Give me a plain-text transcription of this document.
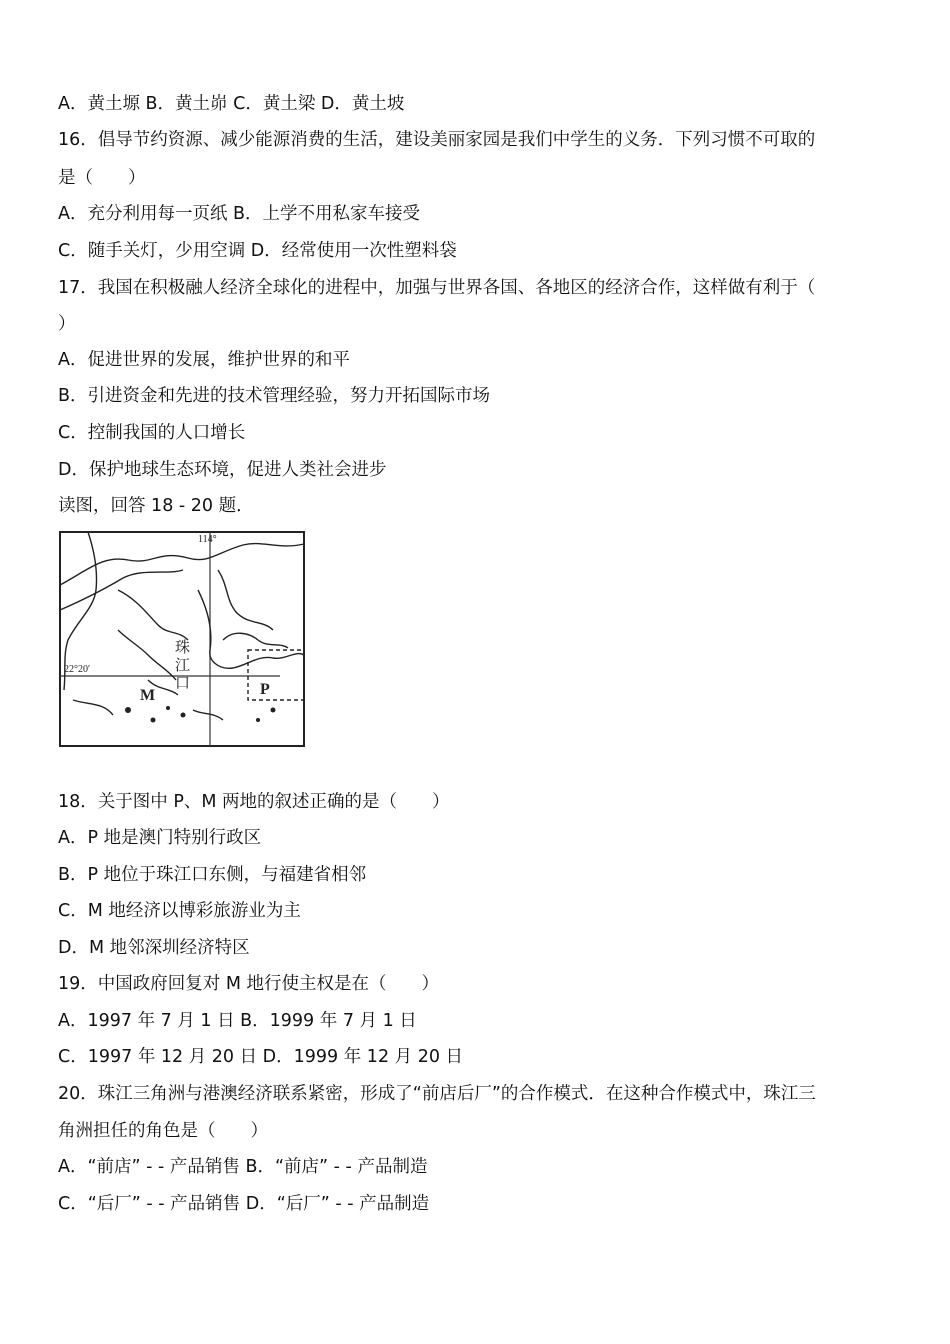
A．黄土塬 B．黄土峁 C．黄土梁 D．黄土坡
16．倡导节约资源、减少能源消费的生活，建设美丽家园是我们中学生的义务．下列习惯不可取的
是（　　）
A．充分利用每一页纸 B．上学不用私家车接受
C．随手关灯，少用空调 D．经常使用一次性塑料袋
17．我国在积极融人经济全球化的进程中，加强与世界各国、各地区的经济合作，这样做有利于（
）
A．促进世界的发展，维护世界的和平
B．引进资金和先进的技术管理经验，努力开拓国际市场
C．控制我国的人口增长
D．保护地球生态环境，促进人类社会进步
读图，回答 18 - 20 题．
114°
22°20′
珠
江
口
M	P
18．关于图中 P、M 两地的叙述正确的是（　　）
A．P 地是澳门特别行政区
B．P 地位于珠江口东侧，与福建省相邻
C．M 地经济以博彩旅游业为主
D．M 地邻深圳经济特区
19．中国政府回复对 M 地行使主权是在（　　）
A．1997 年 7 月 1 日 B．1999 年 7 月 1 日
C．1997 年 12 月 20 日 D．1999 年 12 月 20 日
20．珠江三角洲与港澳经济联系紧密，形成了“前店后厂”的合作模式．在这种合作模式中，珠江三
角洲担任的角色是（　　）
A．“前店” - - 产品销售 B．“前店” - - 产品制造
C．“后厂” - - 产品销售 D．“后厂” - - 产品制造
